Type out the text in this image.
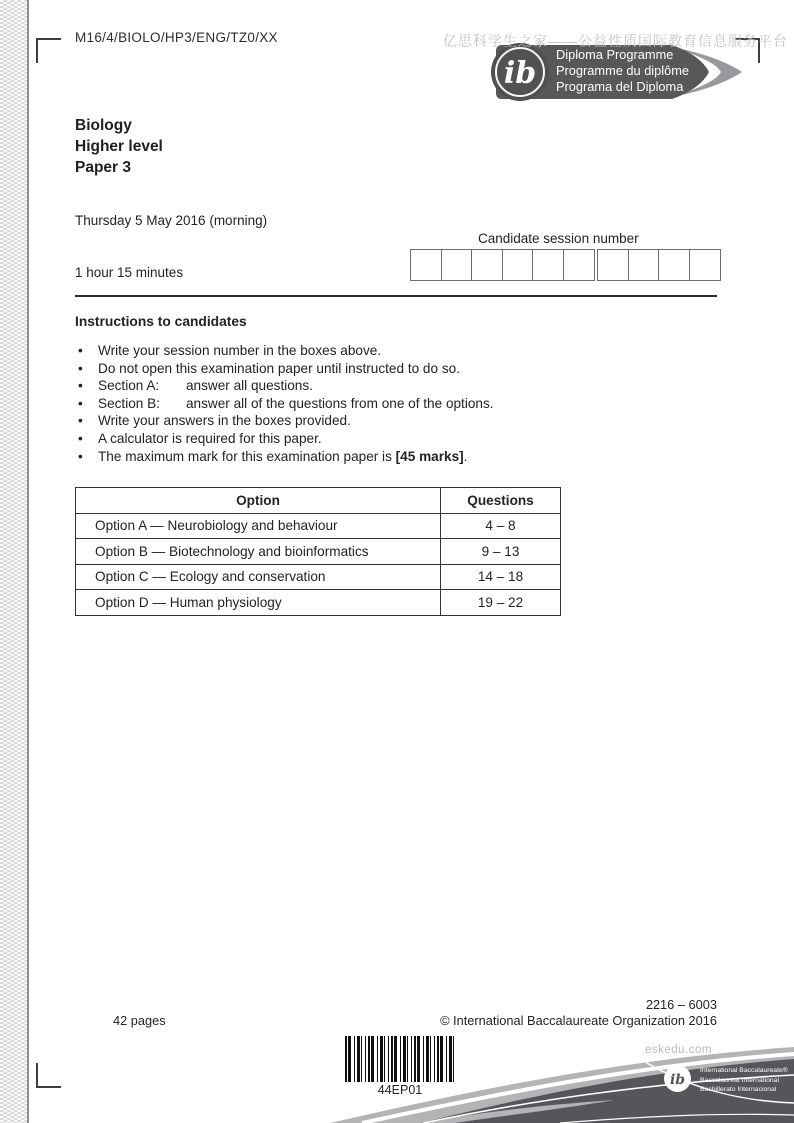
M16/4/BIOLO/HP3/ENG/TZ0/XX	亿思科学生之家——公益性质国际教育信息服务平台
ib
Diploma Programme
Programme du diplôme
Programa del Diploma
Biology
Higher level
Paper 3
Thursday 5 May 2016 (morning)
Candidate session number
1 hour 15 minutes
Instructions to candidates
•	Write your session number in the boxes above.
•	Do not open this examination paper until instructed to do so.
•	Section A: answer all questions.
•	Section B: answer all of the questions from one of the options.
•	Write your answers in the boxes provided.
•	A calculator is required for this paper.
•	The maximum mark for this examination paper is [45 marks].
Option	Questions
Option A — Neurobiology and behaviour	4 – 8
Option B — Biotechnology and bioinformatics	9 – 13
Option C — Ecology and conservation	14 – 18
Option D — Human physiology	19 – 22
42 pages
2216 – 6003
© International Baccalaureate Organization 2016
44EP01
eskedu.com
ib
International Baccalaureate®
Baccalauréat International
Bachillerato Internacional
